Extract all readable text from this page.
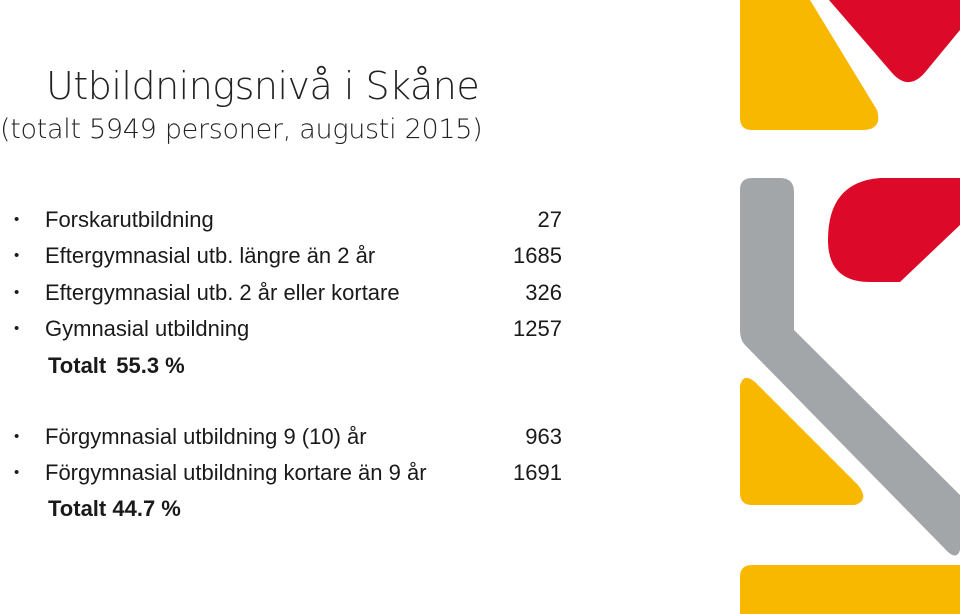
Utbildningsnivå i Skåne
(totalt 5949 personer, augusti 2015)
• Forskarutbildning	27
• Eftergymnasial utb. längre än 2 år	1685
• Eftergymnasial utb. 2 år eller kortare	326
• Gymnasial utbildning	1257
Totalt 55.3 %
• Förgymnasial utbildning 9 (10) år	963
• Förgymnasial utbildning kortare än 9 år	1691
Totalt 44.7 %
